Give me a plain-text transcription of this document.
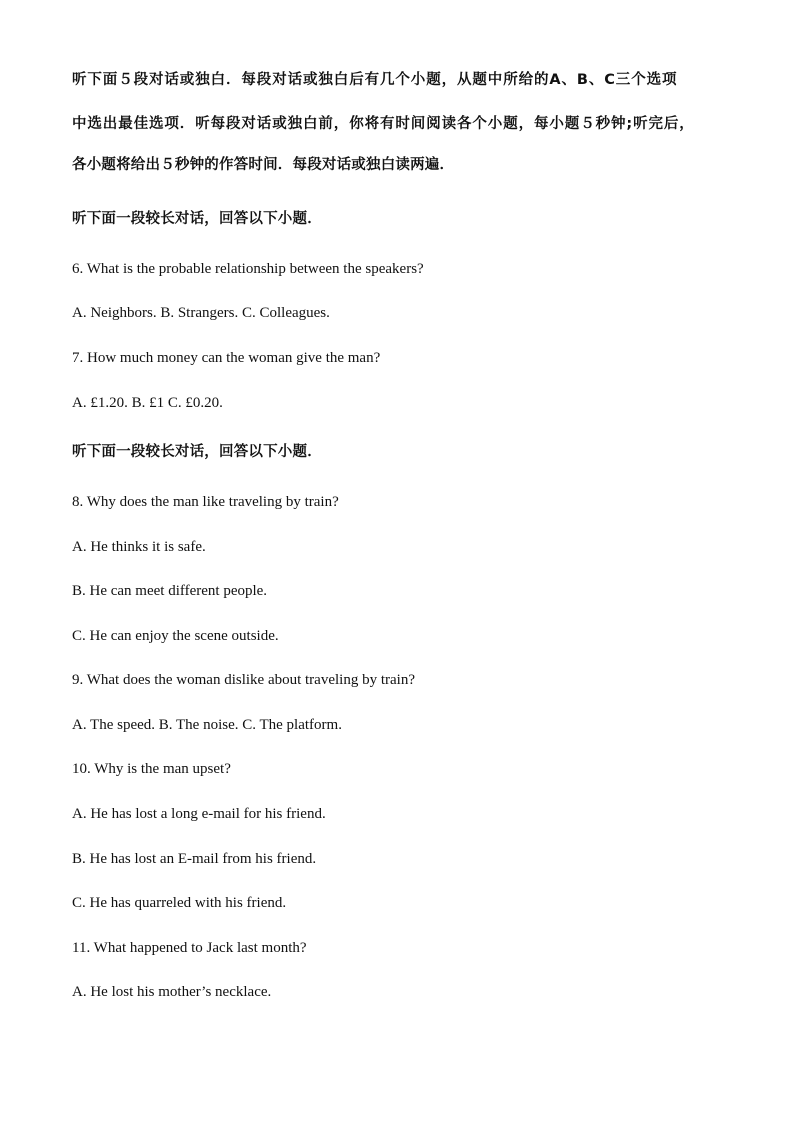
听下面５段对话或独白．每段对话或独白后有几个小题，从题中所给的A、B、C三个选项

中选出最佳选项．听每段对话或独白前，你将有时间阅读各个小题，每小题５秒钟;听完后，

各小题将给出５秒钟的作答时间．每段对话或独白读两遍．

听下面一段较长对话，回答以下小题．

6. What is the probable relationship between the speakers?

A. Neighbors. B. Strangers. C. Colleagues.

7. How much money can the woman give the man?

A. £1.20. B. £1 C. £0.20.

听下面一段较长对话，回答以下小题．

8. Why does the man like traveling by train?

A. He thinks it is safe.

B. He can meet different people.

C. He can enjoy the scene outside.

9. What does the woman dislike about traveling by train?

A. The speed. B. The noise. C. The platform.

10. Why is the man upset?

A. He has lost a long e-mail for his friend.

B. He has lost an E-mail from his friend.

C. He has quarreled with his friend.

11. What happened to Jack last month?

A. He lost his mother’s necklace.
